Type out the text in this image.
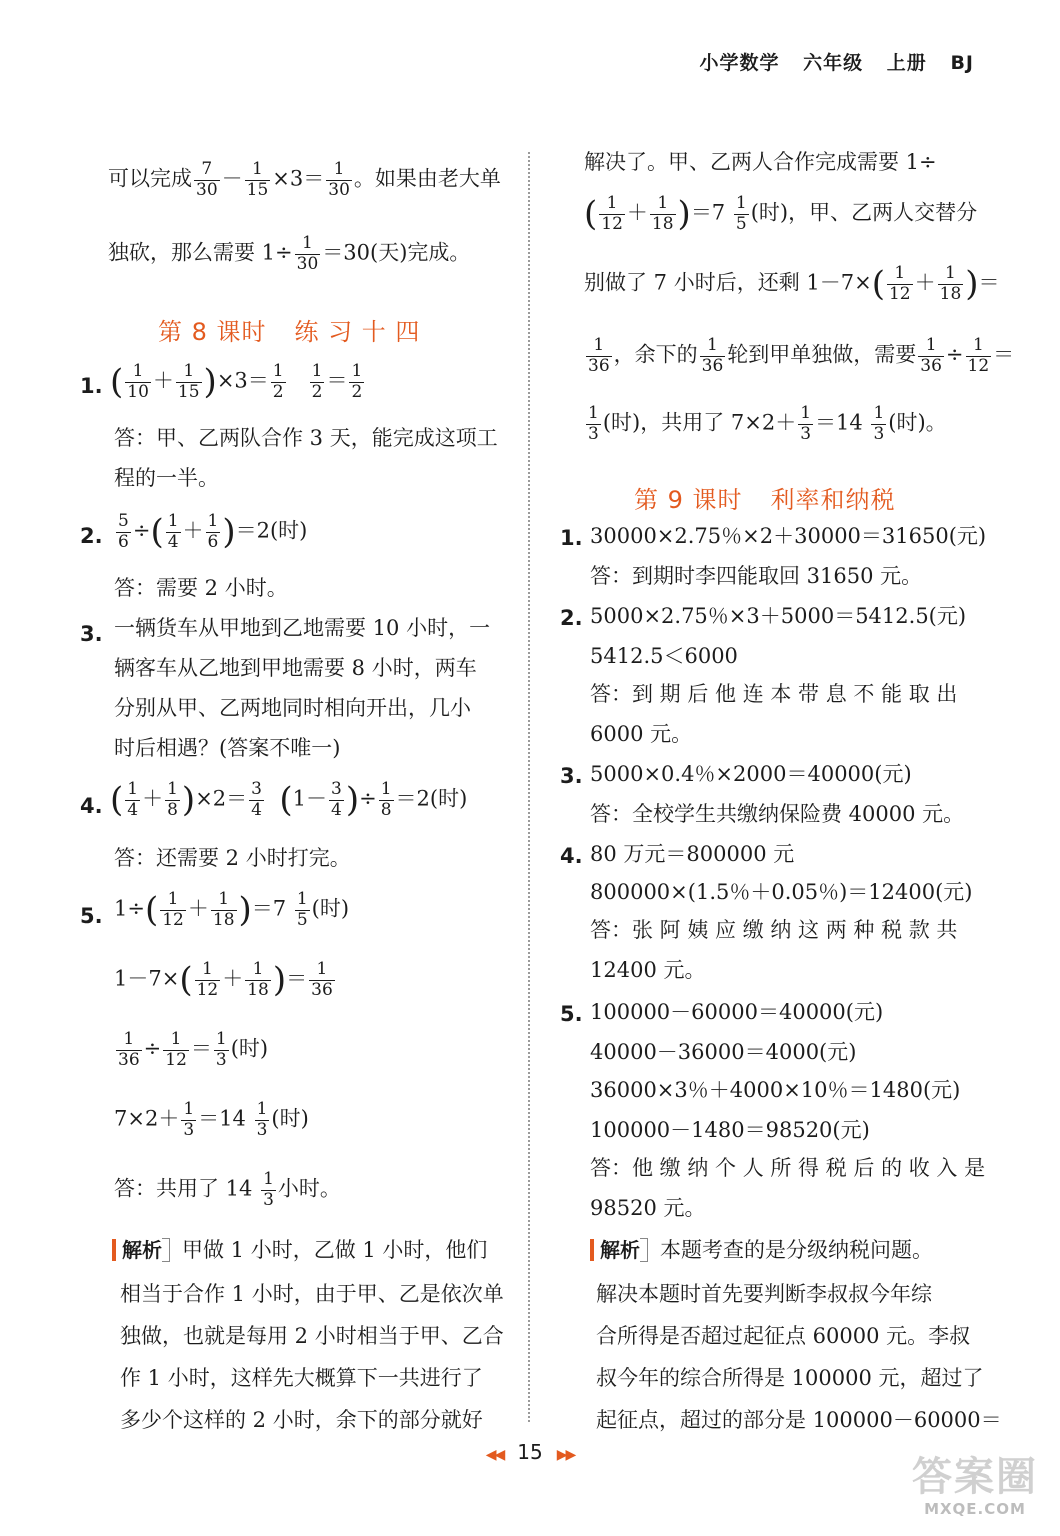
小学数学 六年级 上册 BJ
可以完成 $\frac{7}{30} - \frac{1}{15} \times 3= \frac{1}{30}$ 。如果由老大单
独砍，那么需要 $1\div \frac{1}{30} =30$(天)完成。
第 8 课时 练 习 十 四
1. ( $\frac{1}{10} + \frac{1}{15} )\times 3= \frac{1}{2}$
$\frac{1}{2} = \frac{1}{2}$
答：甲、乙两队合作 3 天，能完成这项工
程的一半。
2. $\frac{5}{6}$ ÷( $\frac{1}{4} + \frac{1}{6} )=2$(时)
答：需要 2 小时。
3. 一辆货车从甲地到乙地需要 10 小时，一
辆客车从乙地到甲地需要 8 小时，两车
分别从甲、乙两地同时相向开出，几小
时后相遇？(答案不唯一)
4. ( $\frac{1}{4} + \frac{1}{8} )\times 2= \frac{3}{4} (1- \frac{3}{4}$ )÷ $\frac{1}{8} =2$(时)
答：还需要 2 小时打完。
5. $1\div( \frac{1}{12} + \frac{1}{18} )=7 \frac{1}{5}$ (时)
$1-7\times( \frac{1}{12} + \frac{1}{18}$ )＝ $\frac{1}{36}$
$\frac{1}{36} \div \frac{1}{12} = \frac{1}{3}$ (时)
$7\times 2+ \frac{1}{3} =14 \frac{1}{3}$ (时)
答：共用了 $14 \frac{1}{3}$ 小时。
解析 甲做 1 小时，乙做 1 小时，他们
相当于合作 1 小时，由于甲、乙是依次单
独做，也就是每用 2 小时相当于甲、乙合
作 1 小时，这样先大概算下一共进行了
多少个这样的 2 小时，余下的部分就好
解决了。甲、乙两人合作完成需要 1÷
( $\frac{1}{12} + \frac{1}{18} )=7 \frac{1}{5}$ (时)，甲、乙两人交替分
别做了 7 小时后，还剩 $1-7\times( \frac{1}{12} + \frac{1}{18}$ )＝
$\frac{1}{36}$ ，余下的 $\frac{1}{36}$ 轮到甲单独做，需要 $\frac{1}{36} \div \frac{1}{12}$ ＝
$\frac{1}{3}$ (时)，共用了 $7\times 2+ \frac{1}{3} =14 \frac{1}{3}$ (时)。
第 9 课时 利率和纳税
1. 30000×2.75％×2＋30000＝31650(元)
答：到期时李四能取回 31650 元。
2. 5000×2.75％×3＋5000＝5412.5(元)
5412.5＜6000
答：到 期 后 他 连 本 带 息 不 能 取 出
6000 元。
3. 5000×0.4％×2000＝40000(元)
答：全校学生共缴纳保险费 40000 元。
4. 80 万元＝800000 元
800000×(1.5％＋0.05％)＝12400(元)
答：张 阿 姨 应 缴 纳 这 两 种 税 款 共
12400 元。
5. 100000－60000＝40000(元)
40000－36000＝4000(元)
36000×3％＋4000×10％＝1480(元)
100000－1480＝98520(元)
答：他 缴 纳 个 人 所 得 税 后 的 收 入 是
98520 元。
解析 本题考查的是分级纳税问题。
解决本题时首先要判断李叔叔今年综
合所得是否超过起征点 60000 元。李叔
叔今年的综合所得是 100000 元，超过了
起征点，超过的部分是 100000－60000＝
◀◀ 15 ▶▶	答案圈
MXQE.COM
